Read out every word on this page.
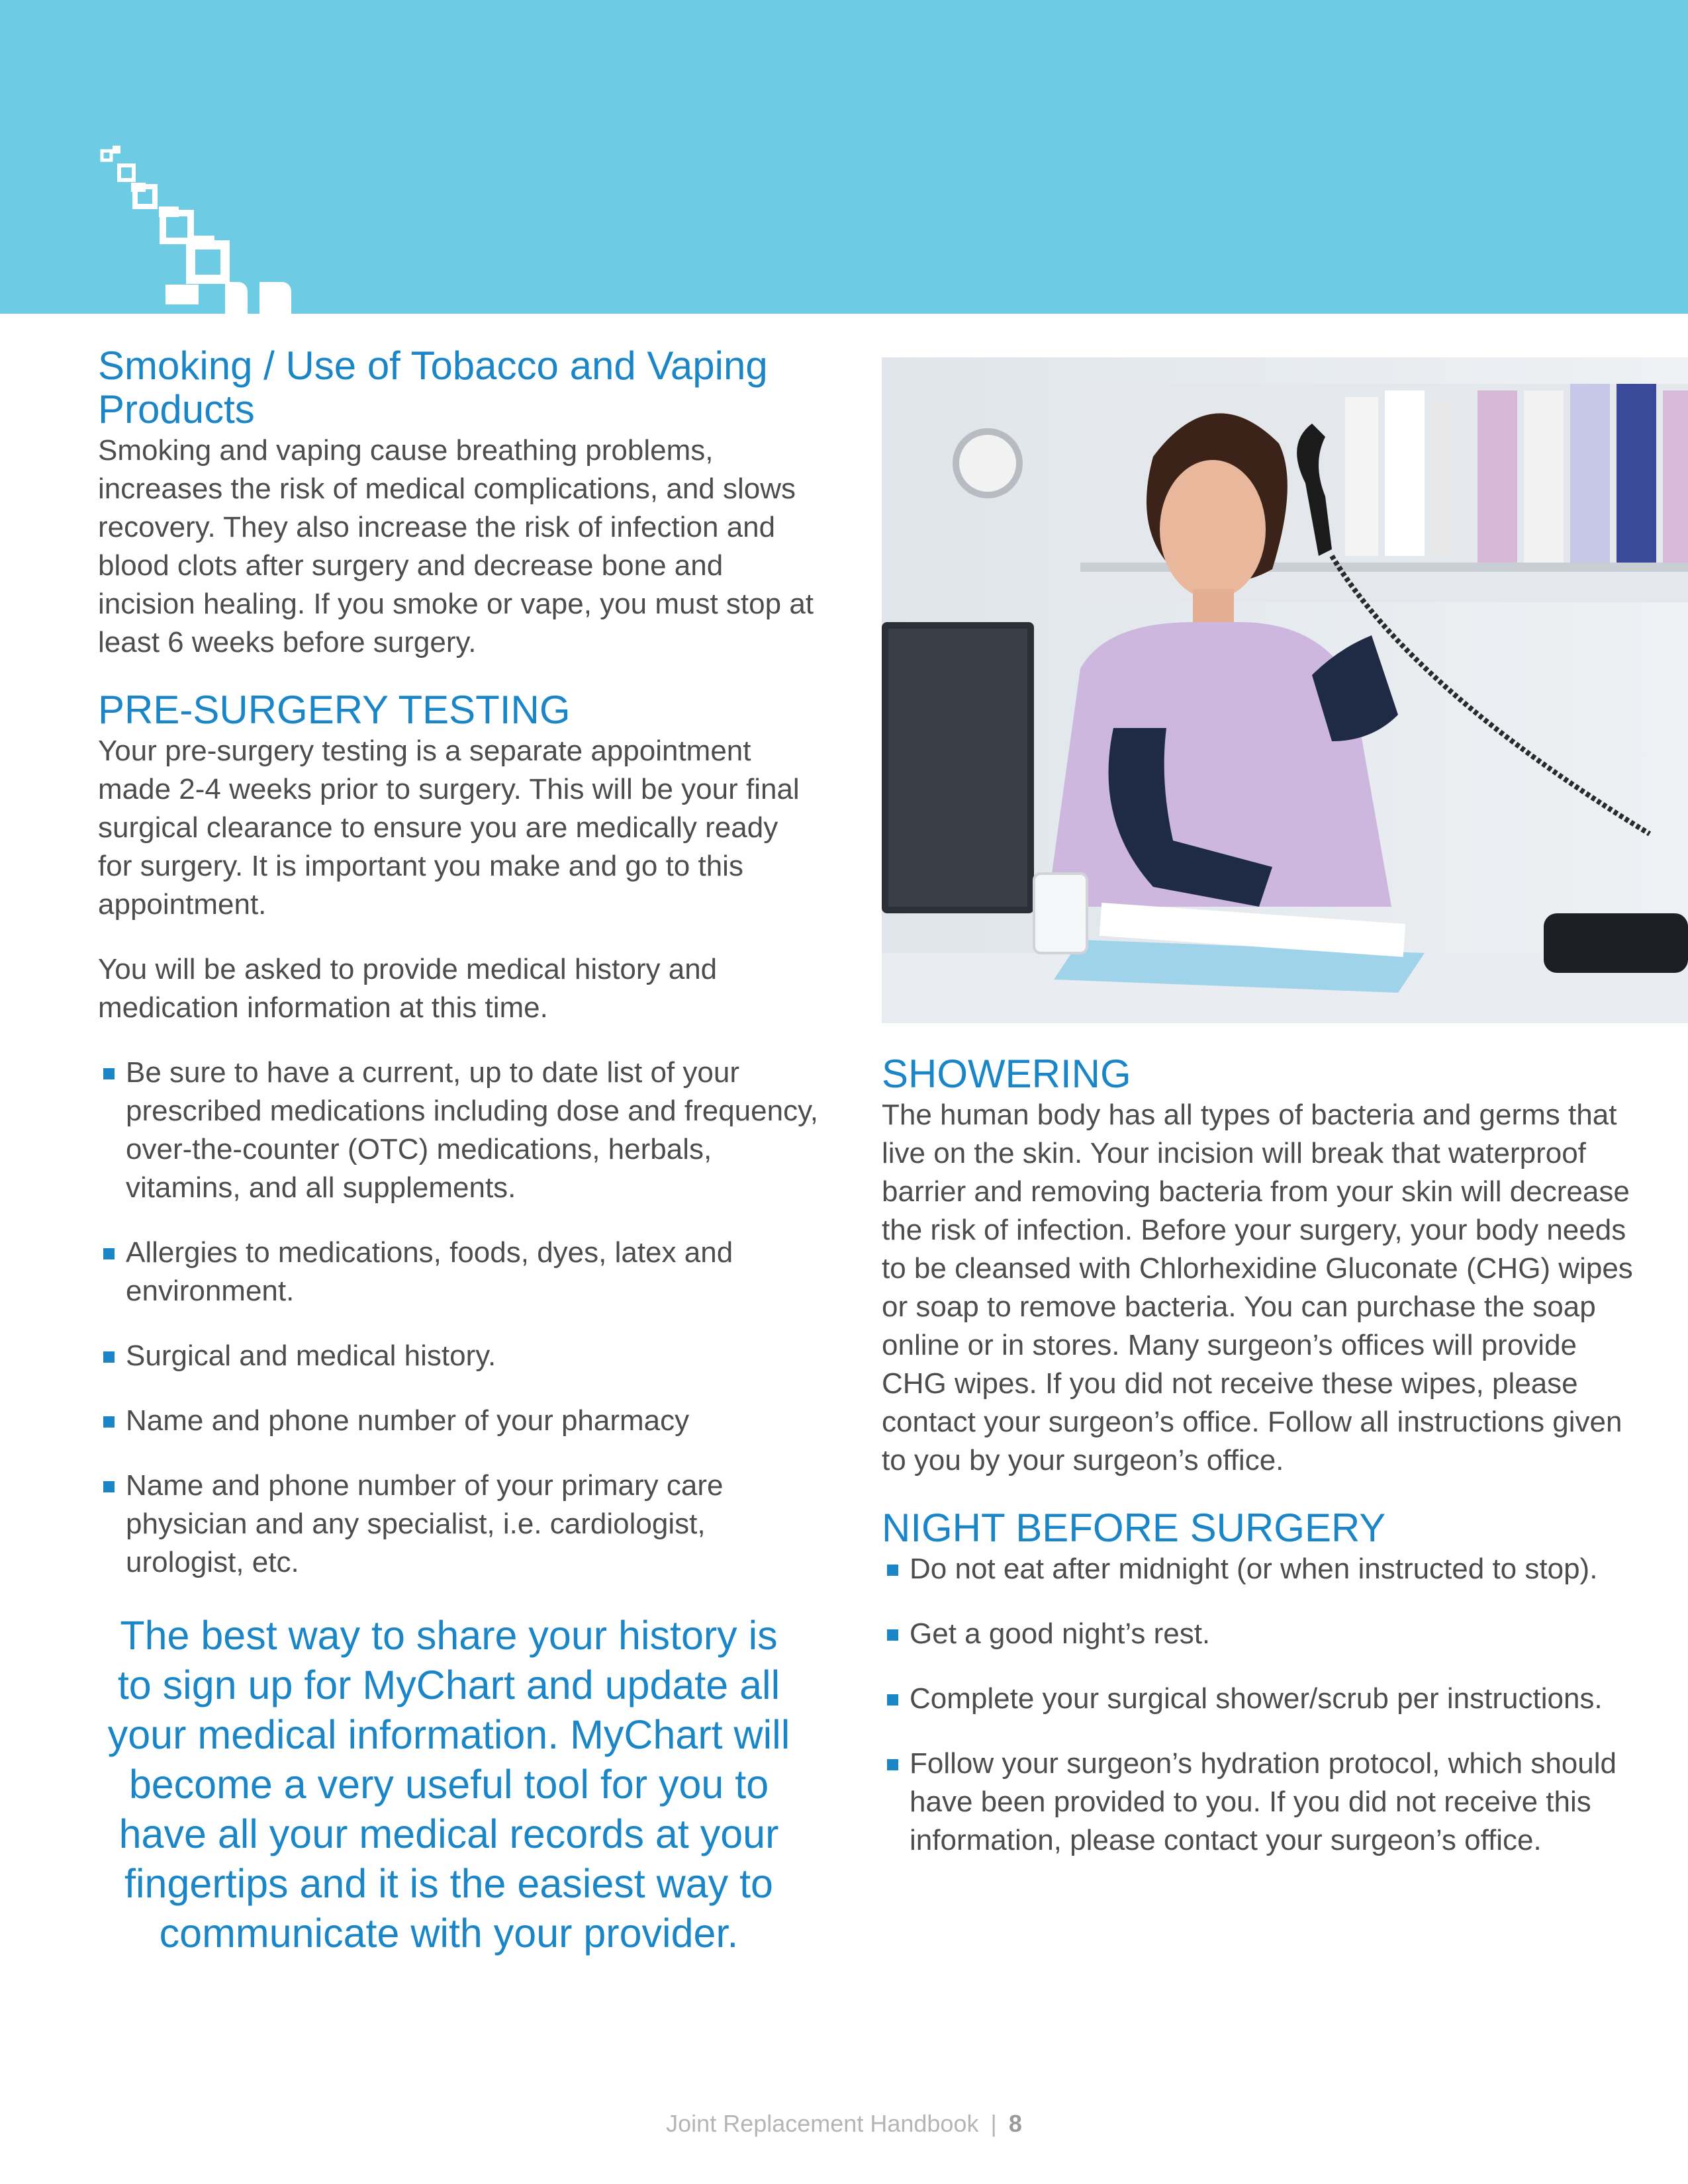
Smoking / Use of Tobacco and Vaping Products

Smoking and vaping cause breathing problems, increases the risk of medical complications, and slows recovery. They also increase the risk of infection and blood clots after surgery and decrease bone and incision healing. If you smoke or vape, you must stop at least 6 weeks before surgery.

PRE-SURGERY TESTING

Your pre-surgery testing is a separate appointment made 2-4 weeks prior to surgery. This will be your final surgical clearance to ensure you are medically ready for surgery. It is important you make and go to this appointment.

You will be asked to provide medical history and medication information at this time.

Be sure to have a current, up to date list of your prescribed medications including dose and frequency, over-the-counter (OTC) medications, herbals, vitamins, and all supplements.
Allergies to medications, foods, dyes, latex and environment.
Surgical and medical history.
Name and phone number of your pharmacy
Name and phone number of your primary care physician and any specialist, i.e. cardiologist, urologist, etc.
The best way to share your history is to sign up for MyChart and update all your medical information. MyChart will become a very useful tool for you to have all your medical records at your fingertips and it is the easiest way to communicate with your provider.
SHOWERING

The human body has all types of bacteria and germs that live on the skin. Your incision will break that waterproof barrier and removing bacteria from your skin will decrease the risk of infection. Before your surgery, your body needs to be cleansed with Chlorhexidine Gluconate (CHG) wipes or soap to remove bacteria. You can purchase the soap online or in stores. Many surgeon’s offices will provide CHG wipes. If you did not receive these wipes, please contact your surgeon’s office. Follow all instructions given to you by your surgeon’s office.

NIGHT BEFORE SURGERY
Do not eat after midnight (or when instructed to stop).
Get a good night’s rest.
Complete your surgical shower/scrub per instructions.
Follow your surgeon’s hydration protocol, which should have been provided to you. If you did not receive this information, please contact your surgeon’s office.
Joint Replacement Handbook | 8
